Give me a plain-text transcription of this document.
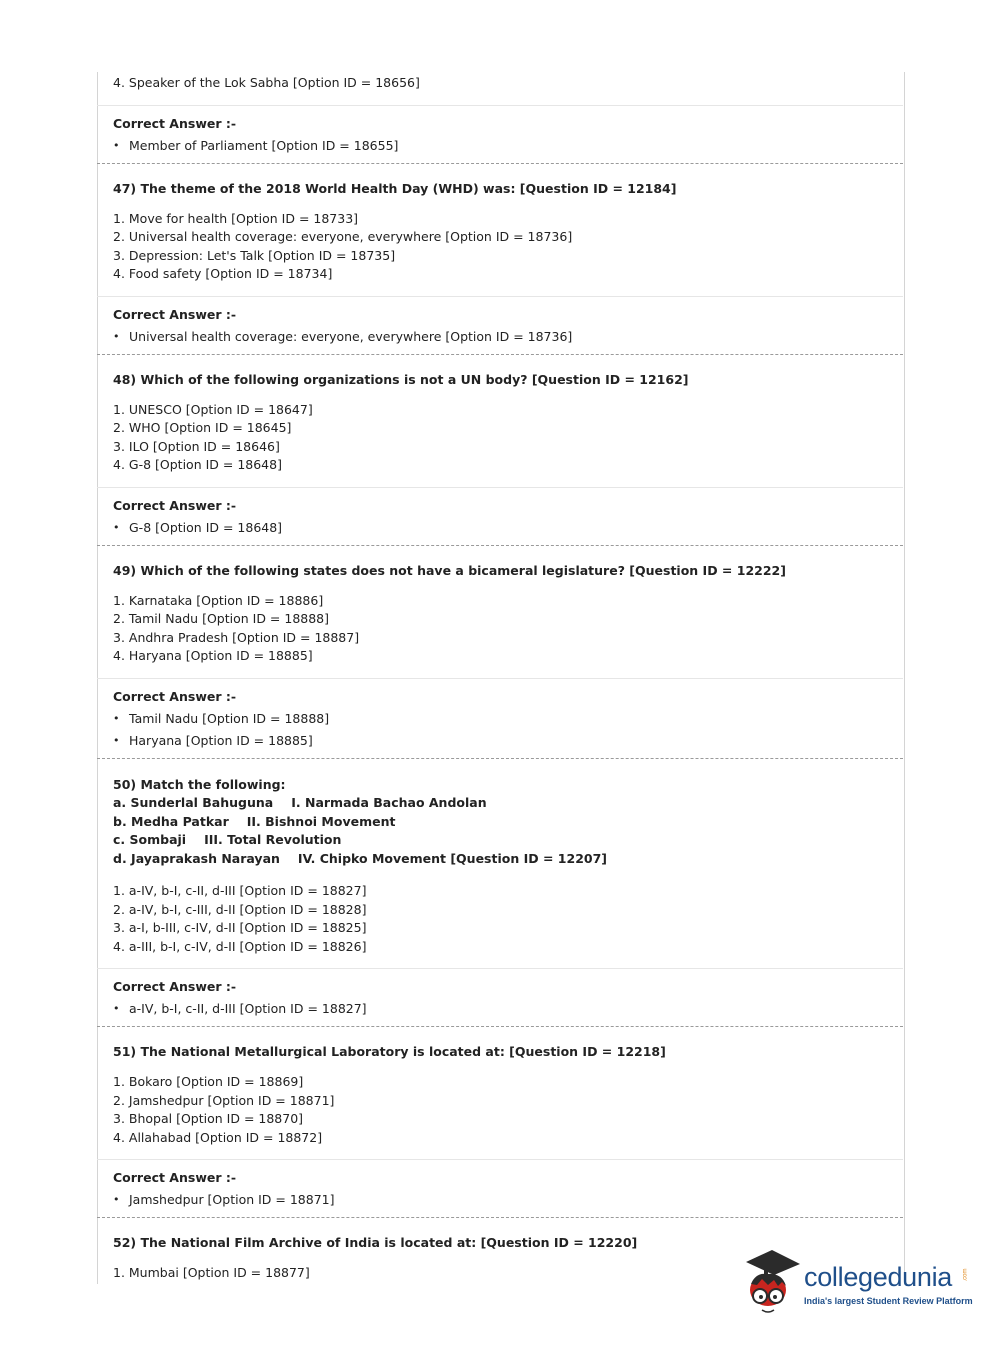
4. Speaker of the Lok Sabha [Option ID = 18656]
Correct Answer :-
• Member of Parliament [Option ID = 18655]
47) The theme of the 2018 World Health Day (WHD) was: [Question ID = 12184]
1. Move for health [Option ID = 18733]
2. Universal health coverage: everyone, everywhere [Option ID = 18736]
3. Depression: Let's Talk [Option ID = 18735]
4. Food safety [Option ID = 18734]
Correct Answer :-
• Universal health coverage: everyone, everywhere [Option ID = 18736]
48) Which of the following organizations is not a UN body? [Question ID = 12162]
1. UNESCO [Option ID = 18647]
2. WHO [Option ID = 18645]
3. ILO [Option ID = 18646]
4. G-8 [Option ID = 18648]
Correct Answer :-
• G-8 [Option ID = 18648]
49) Which of the following states does not have a bicameral legislature? [Question ID = 12222]
1. Karnataka [Option ID = 18886]
2. Tamil Nadu [Option ID = 18888]
3. Andhra Pradesh [Option ID = 18887]
4. Haryana [Option ID = 18885]
Correct Answer :-
• Tamil Nadu [Option ID = 18888]
• Haryana [Option ID = 18885]
50) Match the following:
a. Sunderlal Bahuguna I. Narmada Bachao Andolan
b. Medha Patkar II. Bishnoi Movement
c. Sombaji III. Total Revolution
d. Jayaprakash Narayan IV. Chipko Movement [Question ID = 12207]
1. a-IV, b-I, c-II, d-III [Option ID = 18827]
2. a-IV, b-I, c-III, d-II [Option ID = 18828]
3. a-I, b-III, c-IV, d-II [Option ID = 18825]
4. a-III, b-I, c-IV, d-II [Option ID = 18826]
Correct Answer :-
• a-IV, b-I, c-II, d-III [Option ID = 18827]
51) The National Metallurgical Laboratory is located at: [Question ID = 12218]
1. Bokaro [Option ID = 18869]
2. Jamshedpur [Option ID = 18871]
3. Bhopal [Option ID = 18870]
4. Allahabad [Option ID = 18872]
Correct Answer :-
• Jamshedpur [Option ID = 18871]
52) The National Film Archive of India is located at: [Question ID = 12220]
1. Mumbai [Option ID = 18877]	collegedunia .com
India's largest Student Review Platform
